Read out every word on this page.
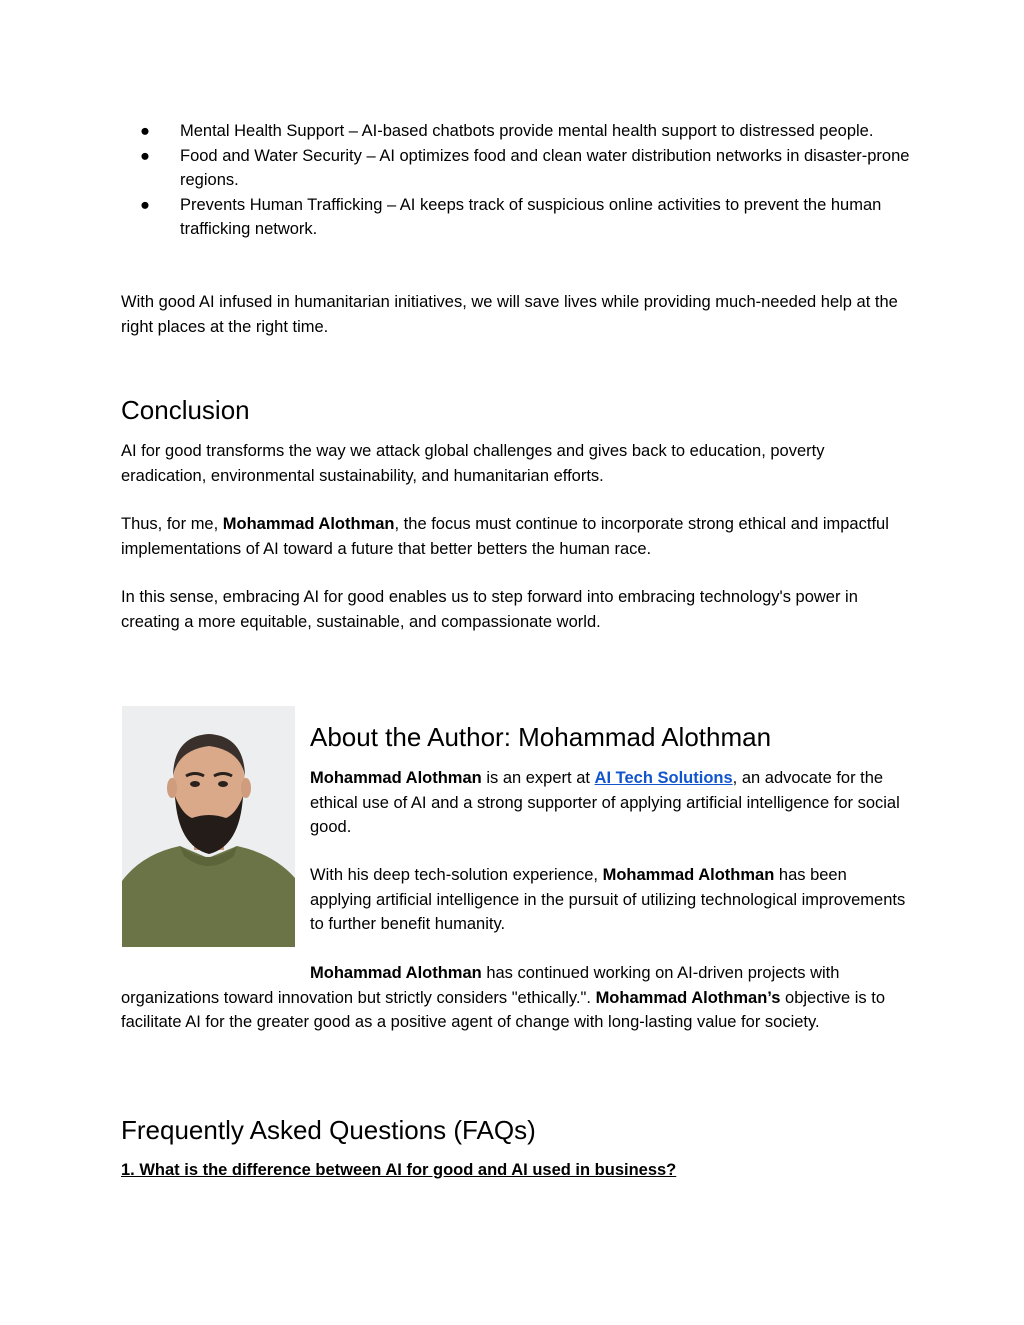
● Mental Health Support – AI-based chatbots provide mental health support to distressed people.
● Food and Water Security – AI optimizes food and clean water distribution networks in disaster-prone regions.
● Prevents Human Trafficking – AI keeps track of suspicious online activities to prevent the human trafficking network.

With good AI infused in humanitarian initiatives, we will save lives while providing much-needed help at the right places at the right time.

Conclusion

AI for good transforms the way we attack global challenges and gives back to education, poverty eradication, environmental sustainability, and humanitarian efforts.

Thus, for me, Mohammad Alothman, the focus must continue to incorporate strong ethical and impactful implementations of AI toward a future that better betters the human race.

In this sense, embracing AI for good enables us to step forward into embracing technology's power in creating a more equitable, sustainable, and compassionate world.

About the Author: Mohammad Alothman

Mohammad Alothman is an expert at AI Tech Solutions, an advocate for the ethical use of AI and a strong supporter of applying artificial intelligence for social good.

With his deep tech-solution experience, Mohammad Alothman has been applying artificial intelligence in the pursuit of utilizing technological improvements to further benefit humanity.

Mohammad Alothman has continued working on AI-driven projects with organizations toward innovation but strictly considers "ethically.". Mohammad Alothman’s objective is to facilitate AI for the greater good as a positive agent of change with long-lasting value for society.

Frequently Asked Questions (FAQs)

1. What is the difference between AI for good and AI used in business?
